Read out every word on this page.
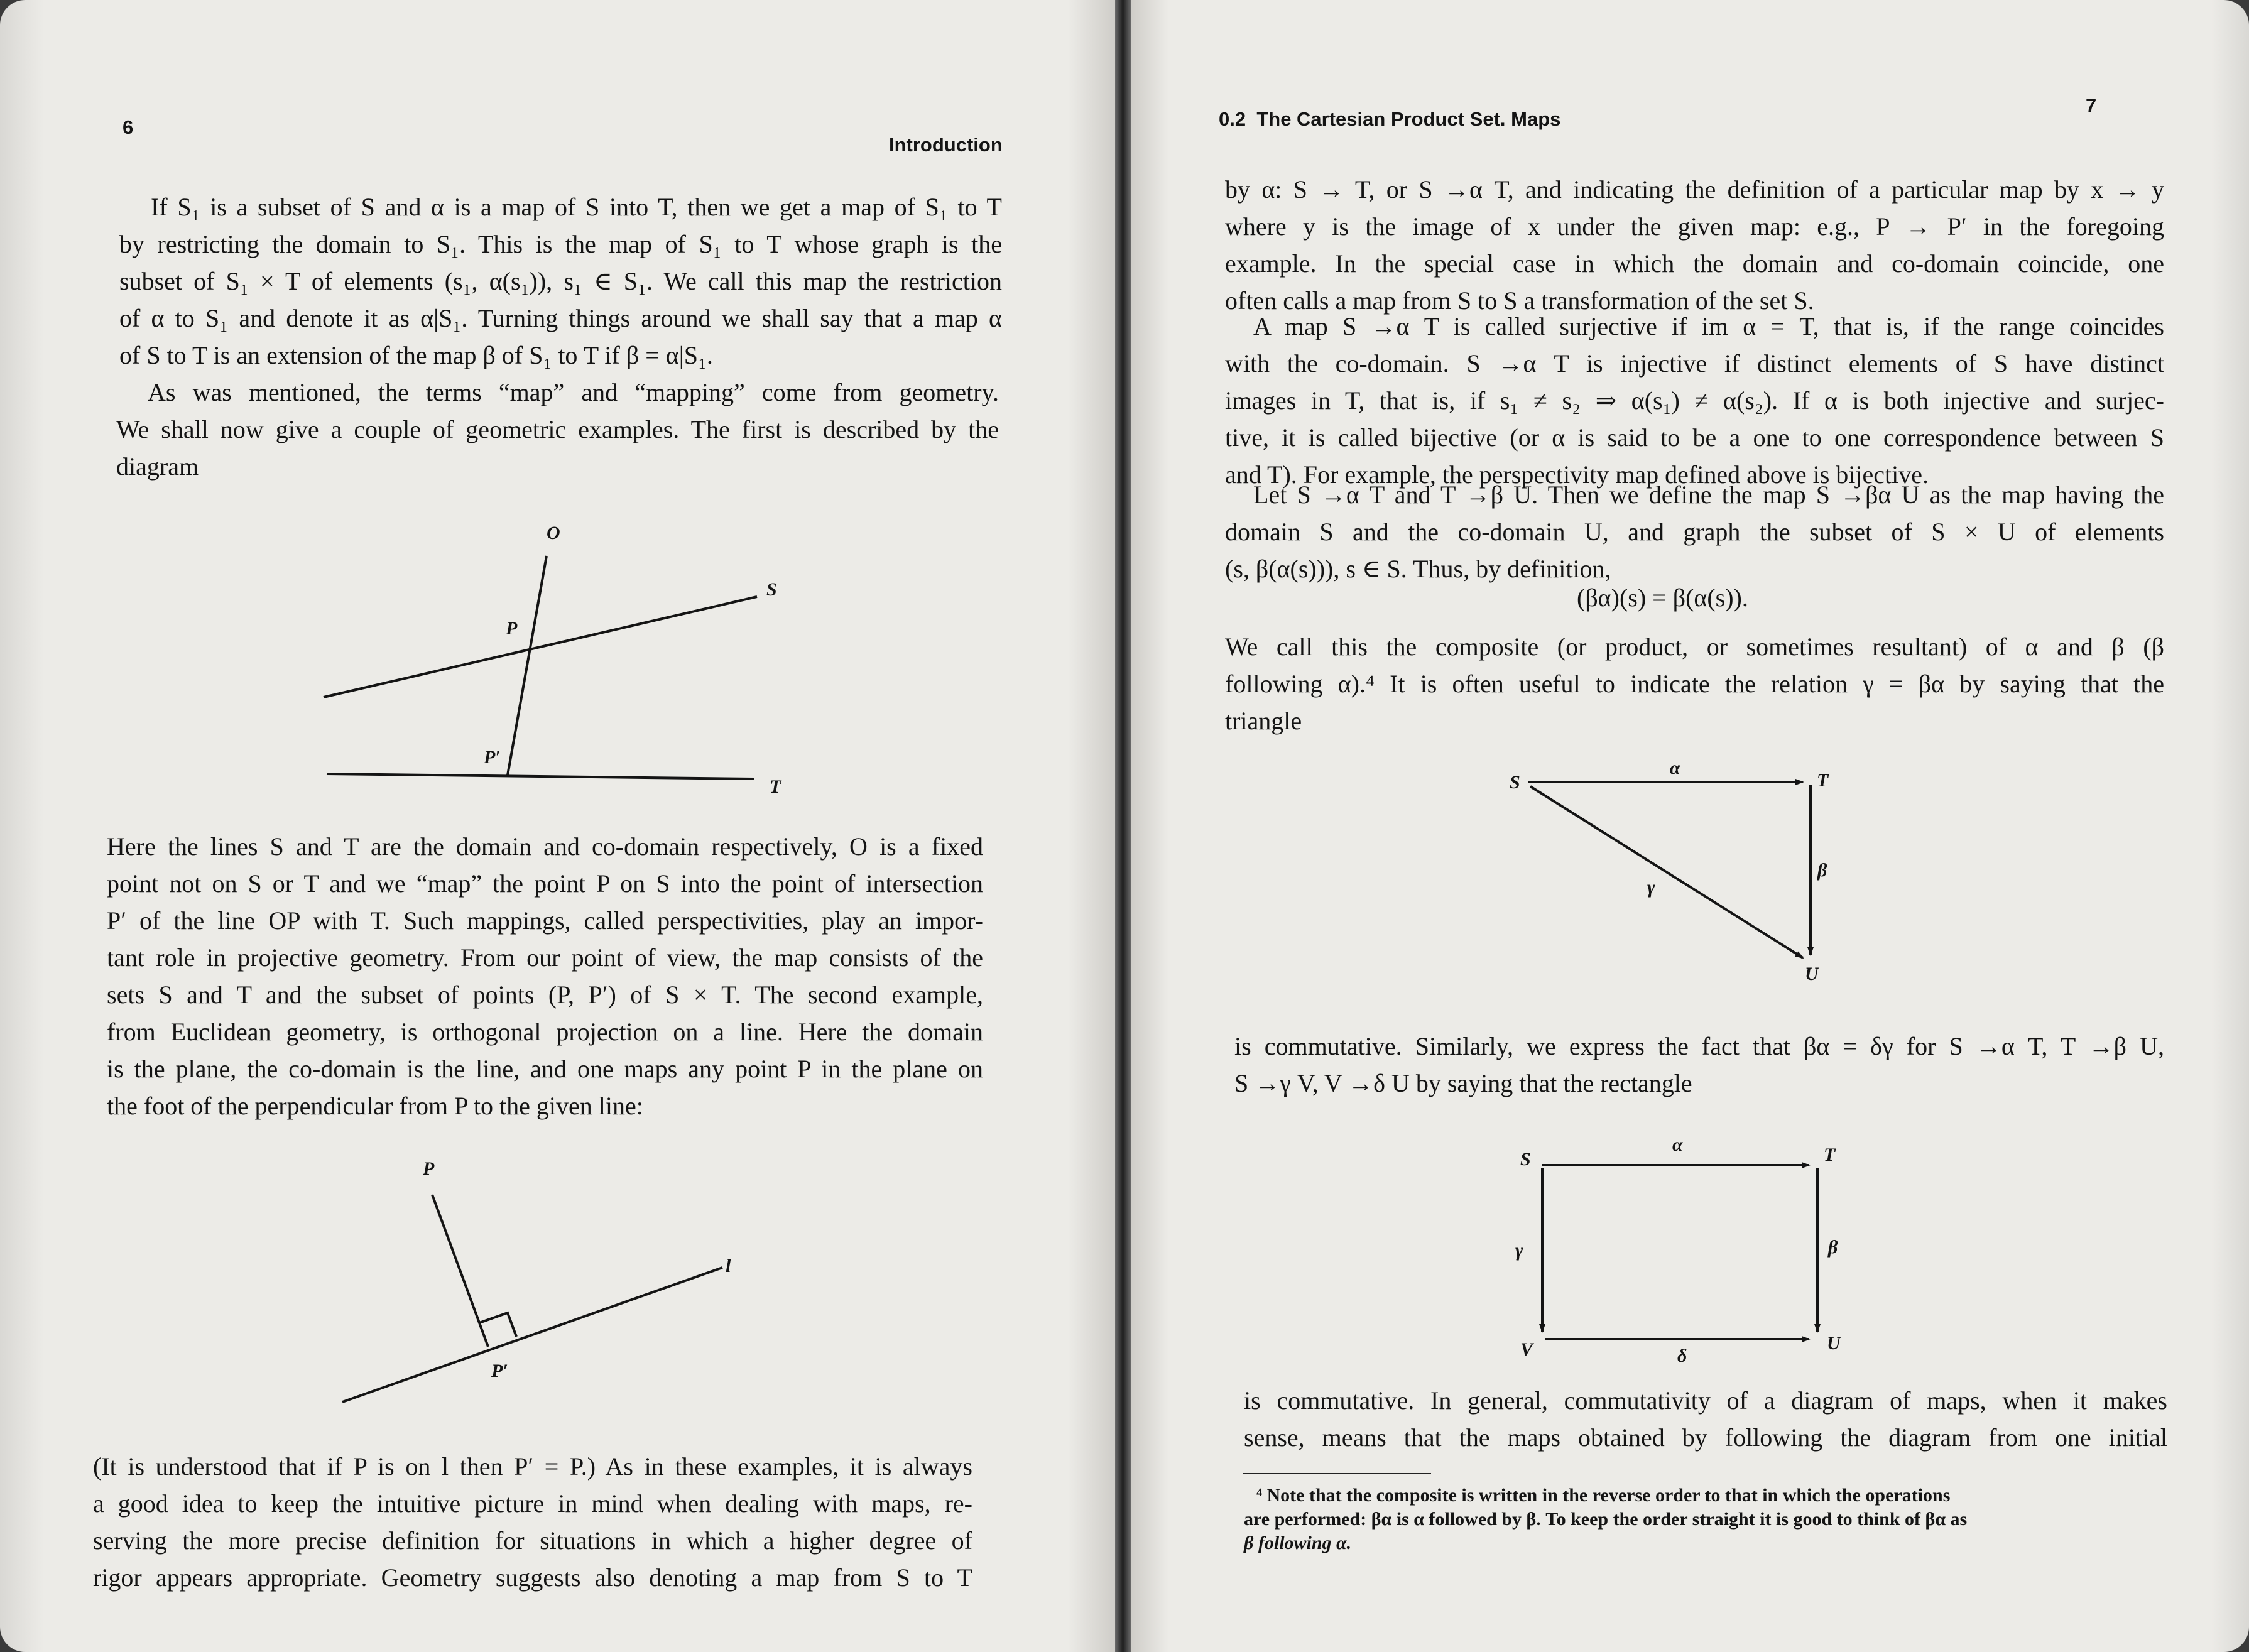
6
Introduction
If S₁ is a subset of S and α is a map of S into T, then we get a map of S₁ to T
by restricting the domain to S₁. This is the map of S₁ to T whose graph is the
subset of S₁ × T of elements (s₁, α(s₁)), s₁ ∈ S₁. We call this map the restriction
of α to S₁ and denote it as α|S₁. Turning things around we shall say that a map α
of S to T is an extension of the map β of S₁ to T if β = α|S₁.
As was mentioned, the terms “map” and “mapping” come from geometry.
We shall now give a couple of geometric examples. The first is described by the
diagram
O
S
P
P′
T
Here the lines S and T are the domain and co-domain respectively, O is a fixed
point not on S or T and we “map” the point P on S into the point of intersection
P′ of the line OP with T. Such mappings, called perspectivities, play an impor-
tant role in projective geometry. From our point of view, the map consists of the
sets S and T and the subset of points (P, P′) of S × T. The second example,
from Euclidean geometry, is orthogonal projection on a line. Here the domain
is the plane, the co-domain is the line, and one maps any point P in the plane on
the foot of the perpendicular from P to the given line:
P
l
P′
(It is understood that if P is on l then P′ = P.) As in these examples, it is always
a good idea to keep the intuitive picture in mind when dealing with maps, re-
serving the more precise definition for situations in which a higher degree of
rigor appears appropriate. Geometry suggests also denoting a map from S to T
0.2  The Cartesian Product Set. Maps
7
by α: S → T, or S →α T, and indicating the definition of a particular map by x → y
where y is the image of x under the given map: e.g., P → P′ in the foregoing
example. In the special case in which the domain and co-domain coincide, one
often calls a map from S to S a transformation of the set S.
A map S →α T is called surjective if im α = T, that is, if the range coincides
with the co-domain. S →α T is injective if distinct elements of S have distinct
images in T, that is, if s₁ ≠ s₂ ⇒ α(s₁) ≠ α(s₂). If α is both injective and surjec-
tive, it is called bijective (or α is said to be a one to one correspondence between S
and T). For example, the perspectivity map defined above is bijective.
Let S →α T and T →β U. Then we define the map S →βα U as the map having the
domain S and the co-domain U, and graph the subset of S × U of elements
(s, β(α(s))), s ∈ S. Thus, by definition,
(βα)(s) = β(α(s)).
We call this the composite (or product, or sometimes resultant) of α and β (β
following α).⁴ It is often useful to indicate the relation γ = βα by saying that the
triangle
S	T
U
α
β
γ
is commutative. Similarly, we express the fact that βα = δγ for S →α T, T →β U,
S →γ V, V →δ U by saying that the rectangle
S	T
V	U
α
β
γ
δ
is commutative. In general, commutativity of a diagram of maps, when it makes
sense, means that the maps obtained by following the diagram from one initial
⁴ Note that the composite is written in the reverse order to that in which the operations
are performed: βα is α followed by β. To keep the order straight it is good to think of βα as
β following α.
